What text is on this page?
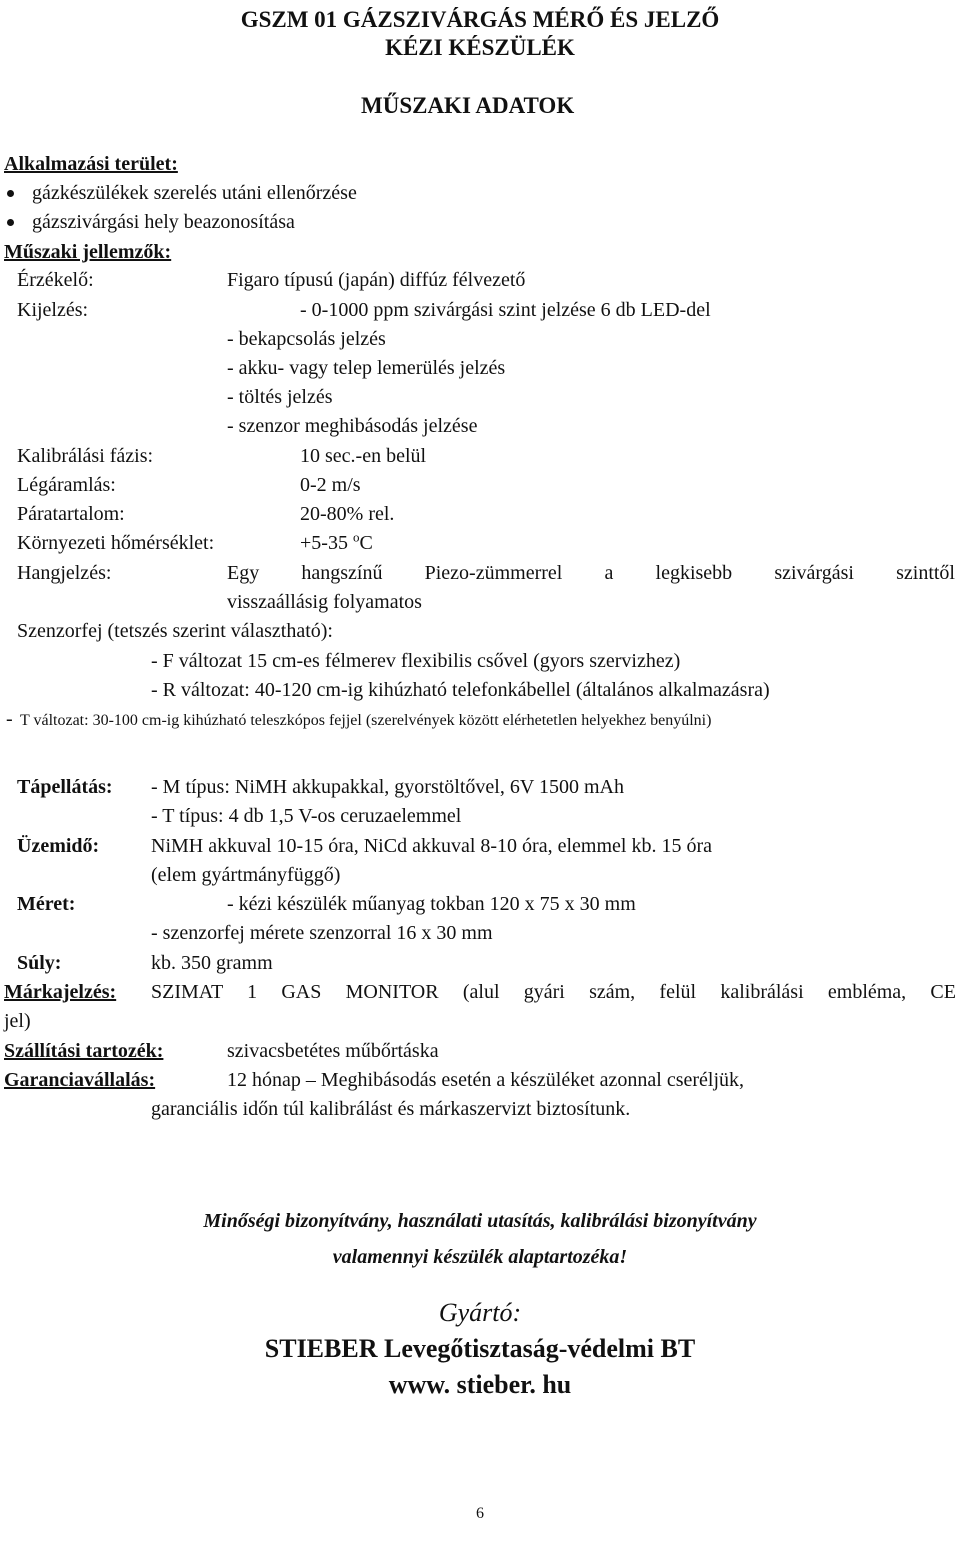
GSZM 01 GÁZSZIVÁRGÁS MÉRŐ ÉS JELZŐ
KÉZI KÉSZÜLÉK
MŰSZAKI ADATOK
Alkalmazási terület:
gázkészülékek szerelés utáni ellenőrzése
gázszivárgási hely beazonosítása
Műszaki jellemzők:
Érzékelő:	Figaro típusú (japán) diffúz félvezető
Kijelzés:	- 0-1000 ppm szivárgási szint jelzése 6 db LED-del
- bekapcsolás jelzés
- akku- vagy telep lemerülés jelzés
- töltés jelzés
- szenzor meghibásodás jelzése
Kalibrálási fázis:	10 sec.-en belül
Légáramlás:	0-2 m/s
Páratartalom:	20-80% rel.
Környezeti hőmérséklet:	+5-35 $^o$C
Hangjelzés:	Egy hangszínű Piezo-zümmerrel a legkisebb szivárgási szinttől
visszaállásig folyamatos
Szenzorfej (tetszés szerint választható):
- F változat 15 cm-es félmerev flexibilis csővel (gyors szervizhez)
- R változat: 40-120 cm-ig kihúzható telefonkábellel (általános alkalmazásra)
- T változat: 30-100 cm-ig kihúzható teleszkópos fejjel (szerelvények között elérhetetlen helyekhez benyúlni)
Tápellátás: - M típus: NiMH akkupakkal, gyorstöltővel, 6V 1500 mAh
- T típus: 4 db 1,5 V-os ceruzaelemmel
Üzemidő:	NiMH akkuval 10-15 óra, NiCd akkuval 8-10 óra, elemmel kb. 15 óra
(elem gyártmányfüggő)
Méret:	- kézi készülék műanyag tokban 120 x 75 x 30 mm
- szenzorfej mérete szenzorral 16 x 30 mm
Súly:	kb. 350 gramm
Márkajelzés: SZIMAT 1 GAS MONITOR (alul gyári szám, felül kalibrálási embléma, CE
jel)
Szállítási tartozék:	szivacsbetétes műbőrtáska
Garanciavállalás:	12 hónap – Meghibásodás esetén a készüléket azonnal cseréljük,
garanciális időn túl kalibrálást és márkaszervizt biztosítunk.
Minőségi bizonyítvány, használati utasítás, kalibrálási bizonyítvány
valamennyi készülék alaptartozéka!
Gyártó:
STIEBER Levegőtisztaság-védelmi BT
www. stieber. hu
6
